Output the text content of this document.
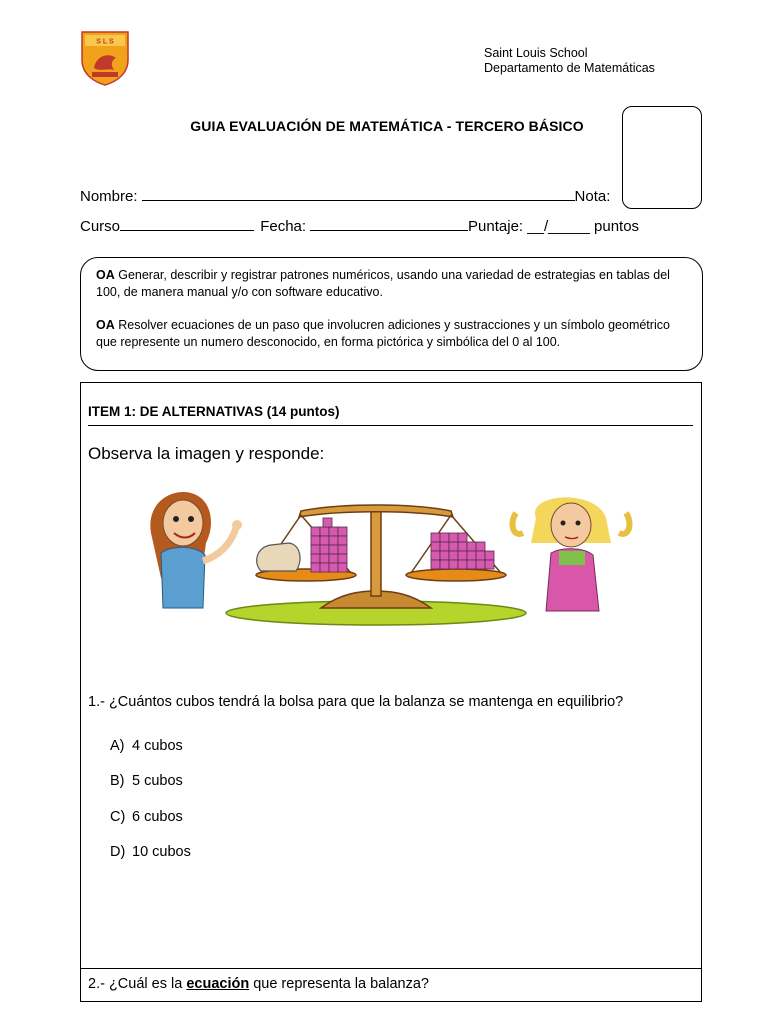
S L S
Saint Louis School
Departamento de Matemáticas
GUIA EVALUACIÓN DE MATEMÁTICA - TERCERO BÁSICO
Nombre:	Nota:
Curso	Fecha:	Puntaje: __/_____ puntos
OA Generar, describir y registrar patrones numéricos, usando una variedad de estrategias en tablas del 100, de manera manual y/o con software educativo.
OA Resolver ecuaciones de un paso que involucren adiciones y sustracciones y un símbolo geométrico que represente un numero desconocido, en forma pictórica y simbólica del 0 al 100.
ITEM 1: DE ALTERNATIVAS (14 puntos)
Observa la imagen y responde:
1.- ¿Cuántos cubos tendrá la bolsa para que la balanza se mantenga en equilibrio?
A) 4 cubos
B) 5 cubos
C) 6 cubos
D) 10 cubos
2.- ¿Cuál es la ecuación que representa la balanza?
